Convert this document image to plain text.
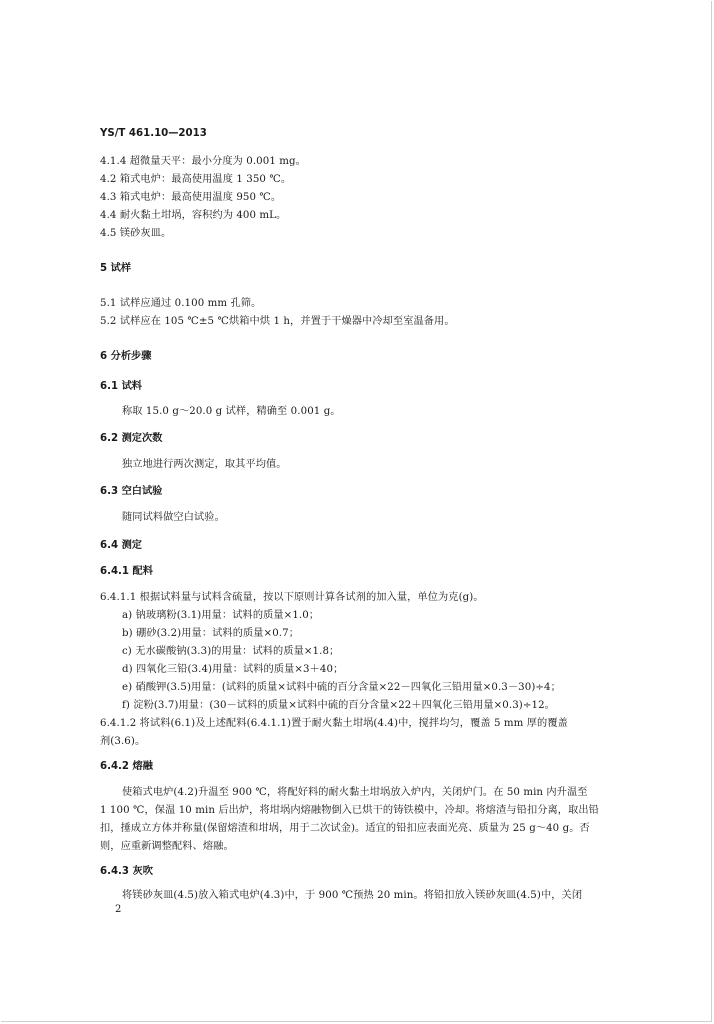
YS/T 461.10—2013
4.1.4 超微量天平：最小分度为 0.001 mg。
4.2 箱式电炉：最高使用温度 1 350 ℃。
4.3 箱式电炉：最高使用温度 950 ℃。
4.4 耐火黏土坩埚，容积约为 400 mL。
4.5 镁砂灰皿。
5 试样
5.1 试样应通过 0.100 mm 孔筛。
5.2 试样应在 105 ℃±5 ℃烘箱中烘 1 h，并置于干燥器中冷却至室温备用。
6 分析步骤
6.1 试料
称取 15.0 g～20.0 g 试样，精确至 0.001 g。
6.2 测定次数
独立地进行两次测定，取其平均值。
6.3 空白试验
随同试料做空白试验。
6.4 测定
6.4.1 配料
6.4.1.1 根据试料量与试料含硫量，按以下原则计算各试剂的加入量，单位为克(g)。
a) 钠玻璃粉(3.1)用量：试料的质量×1.0；
b) 硼砂(3.2)用量：试料的质量×0.7；
c) 无水碳酸钠(3.3)的用量：试料的质量×1.8；
d) 四氧化三铅(3.4)用量：试料的质量×3＋40；
e) 硝酸钾(3.5)用量：(试料的质量×试料中硫的百分含量×22－四氧化三铅用量×0.3－30)÷4；
f) 淀粉(3.7)用量：(30－试料的质量×试料中硫的百分含量×22＋四氧化三铅用量×0.3)÷12。
6.4.1.2 将试料(6.1)及上述配料(6.4.1.1)置于耐火黏土坩埚(4.4)中，搅拌均匀，覆盖 5 mm 厚的覆盖
剂(3.6)。
6.4.2 熔融
使箱式电炉(4.2)升温至 900 ℃，将配好料的耐火黏土坩埚放入炉内，关闭炉门。在 50 min 内升温至
1 100 ℃，保温 10 min 后出炉，将坩埚内熔融物倒入已烘干的铸铁模中，冷却。将熔渣与铅扣分离，取出铅
扣，捶成立方体并称量(保留熔渣和坩埚，用于二次试金)。适宜的铅扣应表面光亮、质量为 25 g～40 g。否
则，应重新调整配料、熔融。
6.4.3 灰吹
将镁砂灰皿(4.5)放入箱式电炉(4.3)中，于 900 ℃预热 20 min。将铅扣放入镁砂灰皿(4.5)中，关闭
2
